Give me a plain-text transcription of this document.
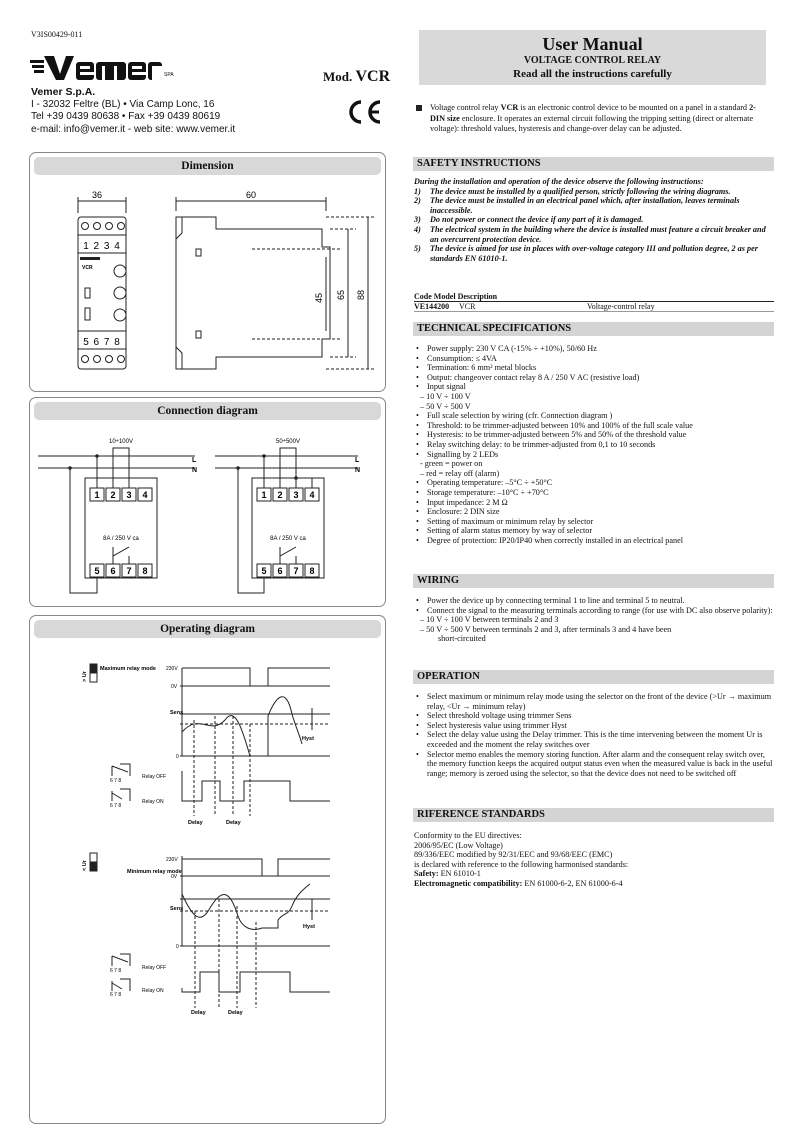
V3IS00429-011
SPA	Mod. VCR
Vemer S.p.A.
I - 32032 Feltre (BL) • Via Camp Lonc, 16
Tel +39 0439 80638 • Fax +39 0439 80619
e-mail: info@vemer.it - web site: www.vemer.it
User Manual
VOLTAGE CONTROL RELAY
Read all the instructions carefully

Voltage control relay VCR is an electronic control device to be mounted on a panel in a standard 2-DIN size enclosure. It operates an external circuit following the tripping setting (direct or alternate voltage): threshold values, hysteresis and change-over delay can be adjusted.

Dimension
36	60
1 2 3 4
5 6 7 8
VCR
45 65 88
Connection diagram
10÷100V	50÷500V
8A / 250 V ca	8A / 250 V ca
L
N
L
N
1 2 3 4
5 6 7 8
1 2 3 4
5 6 7 8
Operating diagram
Maximum relay mode
Minimum relay mode
> Ur
< Ur
Sens
Sens
Hyst
Hyst
Delay	Delay
Delay	Delay
230V
0V
0
230V
0V
0
Relay OFF
Relay ON
Relay OFF
Relay ON
6 7 8
6 7 8
6 7 8
6 7 8
SAFETY INSTRUCTIONS
During the installation and operation of the device observe the following instructions:
1) The device must be installed by a qualified person, strictly following the wiring diagrams.
2) The device must be installed in an electrical panel which, after installation, leaves terminals inaccessible.
3) Do not power or connect the device if any part of it is damaged.
4) The electrical system in the building where the device is installed must feature a circuit breaker and an overcurrent protection device.
5) The device is aimed for use in places with over-voltage category III and pollution degree, 2 as per standards EN 61010-1.
Code Model Description
VE144200 VCR	Voltage-control relay
TECHNICAL SPECIFICATIONS
• Power supply: 230 V CA (-15% ÷ +10%), 50/60 Hz
• Consumption: ≤ 4VA
• Termination: 6 mm² metal blocks
• Output: changeover contact relay 8 A / 250 V AC (resistive load)
• Input signal
– 10 V ÷ 100 V
– 50 V ÷ 500 V
• Full scale selection by wiring (cfr. Connection diagram )
• Threshold: to be trimmer-adjusted between 10% and 100% of the full scale value
• Hysteresis: to be trimmer-adjusted between 5% and 50% of the threshold value
• Relay switching delay: to be trimmer-adjusted from 0,1 to 10 seconds
• Signalling by 2 LEDs
- green = power on
– red = relay off (alarm)
• Operating temperature: –5°C ÷ +50°C
• Storage temperature: –10°C ÷ +70°C
• Input impedance: 2 M Ω
• Enclosure: 2 DIN size
• Setting of maximum or minimum relay by selector
• Setting of alarm status memory by way of selector
• Degree of protection: IP20/IP40 when correctly installed in an electrical panel
WIRING
• Power the device up by connecting terminal 1 to line and terminal 5 to neutral.
• Connect the signal to the measuring terminals according to range (for use with DC also observe polarity):
– 10 V ÷ 100 V between terminals 2 and 3
– 50 V ÷ 500 V between terminals 2 and 3, after terminals 3 and 4 have been
short-circuited
OPERATION
• Select maximum or minimum relay mode using the selector on the front of the device (>Ur → maximum relay, <Ur → minimum relay)
• Select threshold voltage using trimmer Sens
• Select hysteresis value using trimmer Hyst
• Select the delay value using the Delay trimmer. This is the time intervening between the moment Ur is exceeded and the moment the relay switches over
• Selector memo enables the memory storing function. After alarm and the consequent relay switch over, the memory function keeps the acquired output status even when the measured value is back in the useful range; memory is zeroed using the selector, so that the device does not need to be switched off
RIFERENCE STANDARDS
Conformity to the EU directives:
2006/95/EC (Low Voltage)
89/336/EEC modified by 92/31/EEC and 93/68/EEC (EMC)
is declared with reference to the following harmonised standards:
Safety: EN 61010-1
Electromagnetic compatibility: EN 61000-6-2, EN 61000-6-4
